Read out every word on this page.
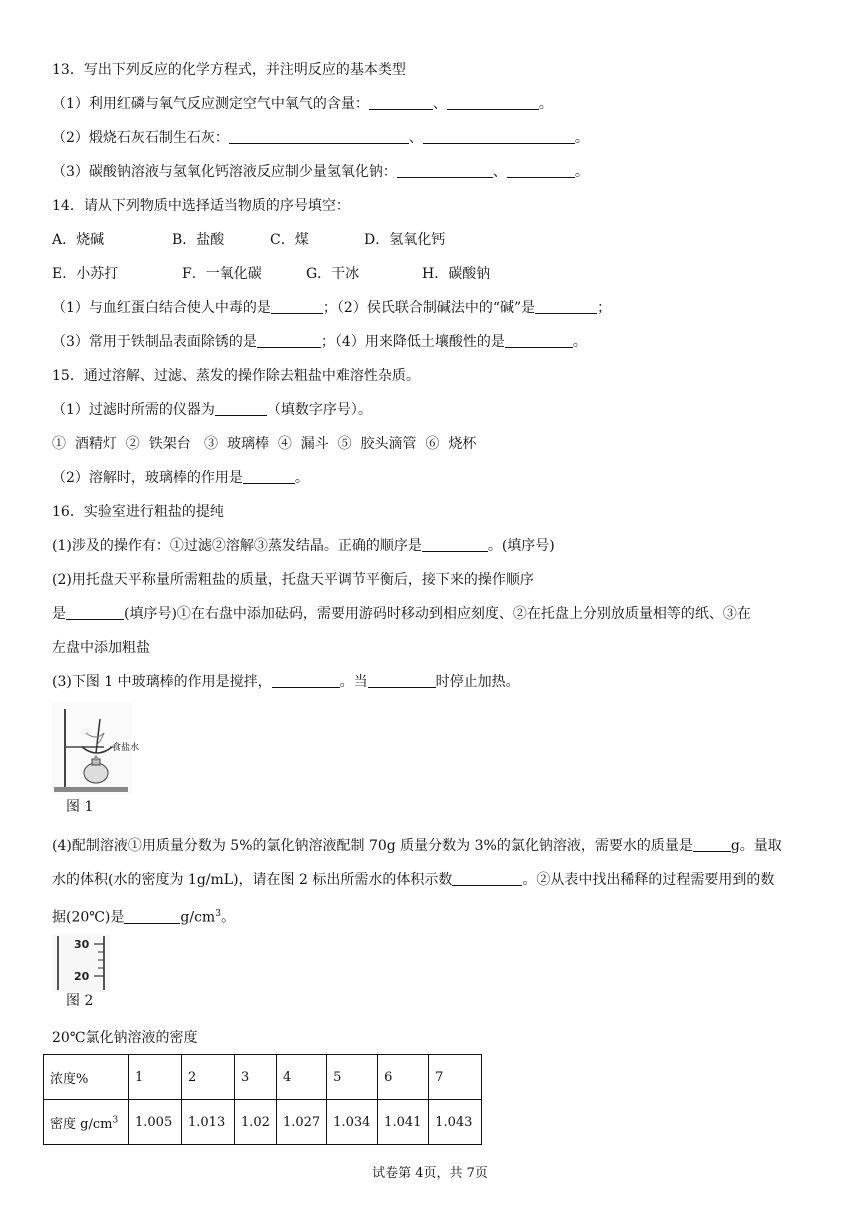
13．写出下列反应的化学方程式，并注明反应的基本类型
（1）利用红磷与氧气反应测定空气中氧气的含量：	、	。
（2）煅烧石灰石制生石灰：	、	。
（3）碳酸钠溶液与氢氧化钙溶液反应制少量氢氧化钠：	、	。
14．请从下列物质中选择适当物质的序号填空：
A．烧碱	B．盐酸	C．煤	D．氢氧化钙
E．小苏打	F．一氧化碳	G．干冰	H．碳酸钠
（1）与血红蛋白结合使人中毒的是	；（2）侯氏联合制碱法中的“碱”是	；
（3）常用于铁制品表面除锈的是	；（4）用来降低土壤酸性的是	。
15．通过溶解、过滤、蒸发的操作除去粗盐中难溶性杂质。
（1）过滤时所需的仪器为	（填数字序号）。
①  酒精灯  ②  铁架台   ③  玻璃棒  ④  漏斗  ⑤  胶头滴管  ⑥  烧杯
（2）溶解时，玻璃棒的作用是	。
16．实验室进行粗盐的提纯
(1)涉及的操作有：①过滤②溶解③蒸发结晶。正确的顺序是	。(填序号)
(2)用托盘天平称量所需粗盐的质量，托盘天平调节平衡后，接下来的操作顺序
是	(填序号)①在右盘中添加砝码，需要用游码时移动到相应刻度、②在托盘上分别放质量相等的纸、③在
左盘中添加粗盐
(3)下图 1 中玻璃棒的作用是搅拌，	。当	时停止加热。
食盐水
图 1
(4)配制溶液①用质量分数为 5%的氯化钠溶液配制 70g 质量分数为 3%的氯化钠溶液，需要水的质量是	g。量取
水的体积(水的密度为 1g/mL)，请在图 2 标出所需水的体积示数	。②从表中找出稀释的过程需要用到的数
据(20℃)是	$g/cm^3$。
30
20
图 2
20℃氯化钠溶液的密度
浓度%	1	2	3	4	5	6	7
密度 $g/cm^3$	1.005	1.013	1.02	1.027	1.034	1.041	1.043
试卷第 4页，共 7页
